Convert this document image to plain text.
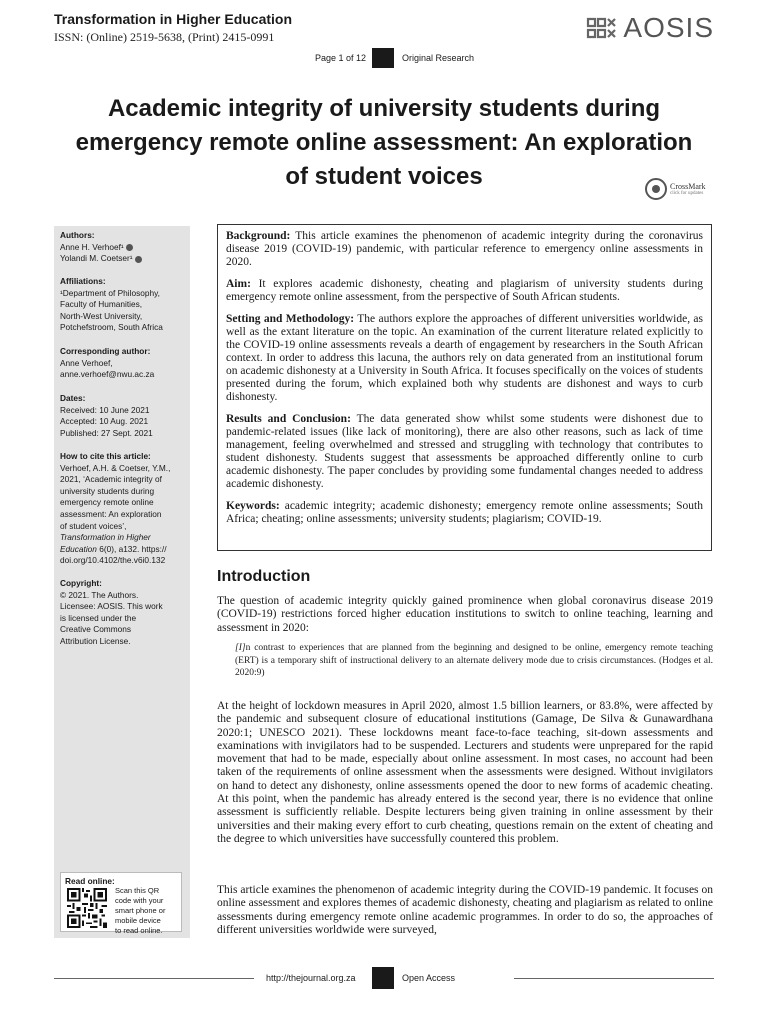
Transformation in Higher Education
ISSN: (Online) 2519-5638, (Print) 2415-0991	AOSIS
Page 1 of 12	Original Research
Academic integrity of university students during
emergency remote online assessment: An exploration
of student voices	CrossMark
click for updates
Authors:
Anne H. Verhoef¹
Yolandi M. Coetser¹
Affiliations:
¹Department of Philosophy,
Faculty of Humanities,
North-West University,
Potchefstroom, South Africa
Corresponding author:
Anne Verhoef,
anne.verhoef@nwu.ac.za
Dates:
Received: 10 June 2021
Accepted: 10 Aug. 2021
Published: 27 Sept. 2021
How to cite this article:
Verhoef, A.H. & Coetser, Y.M.,
2021, ‘Academic integrity of
university students during
emergency remote online
assessment: An exploration
of student voices’,
Transformation in Higher
Education 6(0), a132. https://
doi.org/10.4102/the.v6i0.132
Copyright:
© 2021. The Authors.
Licensee: AOSIS. This work
is licensed under the
Creative Commons
Attribution License.
Read online:
Scan this QR
code with your
smart phone or
mobile device
to read online.

Background: This article examines the phenomenon of academic integrity during the coronavirus disease 2019 (COVID-19) pandemic, with particular reference to emergency online assessments in 2020.

Aim: It explores academic dishonesty, cheating and plagiarism of university students during emergency remote online assessment, from the perspective of South African students.

Setting and Methodology: The authors explore the approaches of different universities worldwide, as well as the extant literature on the topic. An examination of the current literature related explicitly to the COVID-19 online assessments reveals a dearth of engagement by researchers in the South African context. In order to address this lacuna, the authors rely on data generated from an institutional forum on academic dishonesty at a University in South Africa. It focuses specifically on the voices of students presented during the forum, which explained both why students are dishonest and ways to curb dishonesty.

Results and Conclusion: The data generated show whilst some students were dishonest due to pandemic-related issues (like lack of monitoring), there are also other reasons, such as lack of time management, feeling overwhelmed and stressed and struggling with technology that contributes to student dishonesty. Students suggest that assessments be approached differently online to curb academic dishonesty. The paper concludes by providing some fundamental changes needed to address academic dishonesty.

Keywords: academic integrity; academic dishonesty; emergency remote online assessments; South Africa; cheating; online assessments; university students; plagiarism; COVID-19.

Introduction

The question of academic integrity quickly gained prominence when global coronavirus disease 2019 (COVID-19) restrictions forced higher education institutions to switch to online teaching, learning and assessment in 2020:

[I]n contrast to experiences that are planned from the beginning and designed to be online, emergency remote teaching (ERT) is a temporary shift of instructional delivery to an alternate delivery mode due to crisis circumstances. (Hodges et al. 2020:9)

At the height of lockdown measures in April 2020, almost 1.5 billion learners, or 83.8%, were affected by the pandemic and subsequent closure of educational institutions (Gamage, De Silva & Gunawardhana 2020:1; UNESCO 2021). These lockdowns meant face-to-face teaching, sit-down assessments and examinations with invigilators had to be suspended. Lecturers and students were unprepared for the rapid movement that had to be made, especially about online assessment. In most cases, no account had been taken of the requirements of online assessment when the assessments were designed. Without invigilators on hand to detect any dishonesty, online assessments opened the door to new forms of academic cheating. At this point, when the pandemic has already entered is the second year, there is no evidence that online assessment is sufficiently reliable. Despite lecturers being given training in online assessment by their universities and their making every effort to curb cheating, questions remain on the extent of cheating and the degree to which universities have successfully countered this problem.

This article examines the phenomenon of academic integrity during the COVID-19 pandemic. It focuses on online assessment and explores themes of academic dishonesty, cheating and plagiarism as related to online assessments during emergency remote online academic programmes. In order to do so, the approaches of different universities worldwide were surveyed,

http://thejournal.org.za	Open Access
